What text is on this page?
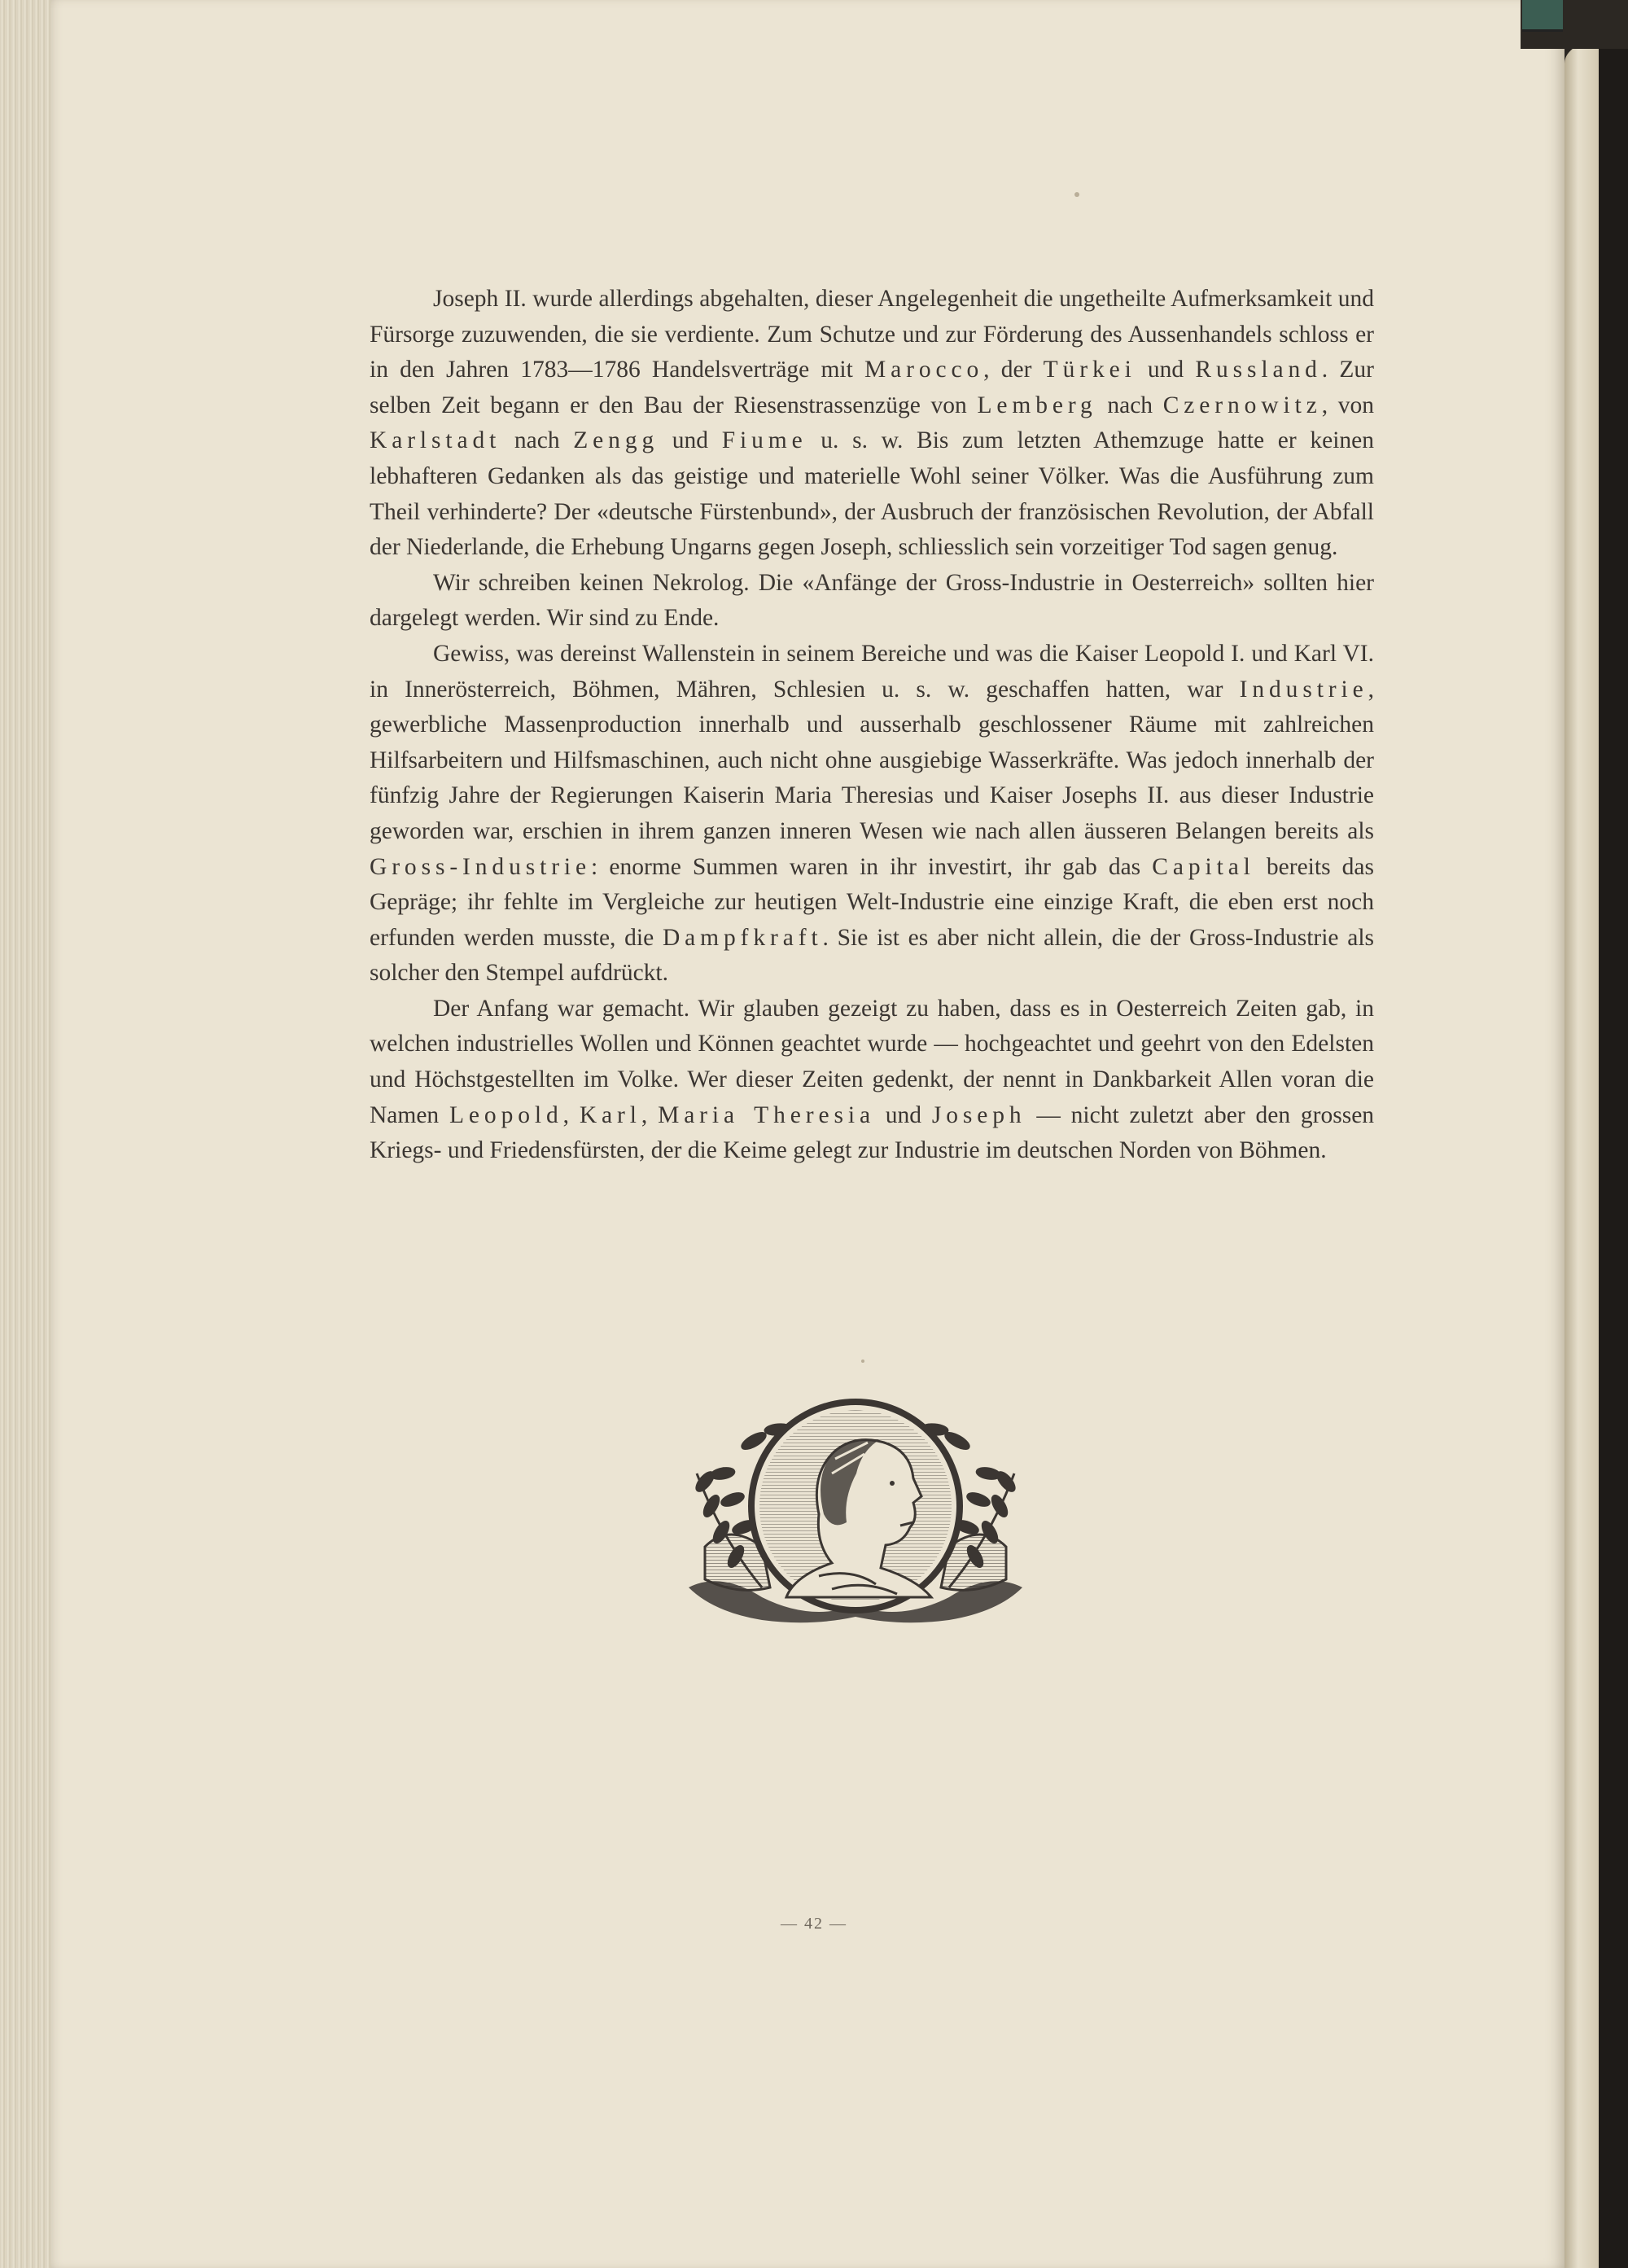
Joseph II. wurde allerdings abgehalten, dieser Angelegenheit die ungetheilte Aufmerksamkeit und Fürsorge zuzuwenden, die sie verdiente. Zum Schutze und zur Förderung des Aussenhandels schloss er in den Jahren 1783—1786 Handelsverträge mit Marocco, der Türkei und Russland. Zur selben Zeit begann er den Bau der Riesenstrassenzüge von Lemberg nach Czernowitz, von Karlstadt nach Zengg und Fiume u. s. w. Bis zum letzten Athemzuge hatte er keinen lebhafteren Gedanken als das geistige und materielle Wohl seiner Völker. Was die Ausführung zum Theil verhinderte? Der «deutsche Fürstenbund», der Ausbruch der französischen Revolution, der Abfall der Niederlande, die Erhebung Ungarns gegen Joseph, schliesslich sein vorzeitiger Tod sagen genug.

Wir schreiben keinen Nekrolog. Die «Anfänge der Gross-Industrie in Oesterreich» sollten hier dargelegt werden. Wir sind zu Ende.

Gewiss, was dereinst Wallenstein in seinem Bereiche und was die Kaiser Leopold I. und Karl VI. in Innerösterreich, Böhmen, Mähren, Schlesien u. s. w. geschaffen hatten, war Industrie, gewerbliche Massenproduction innerhalb und ausserhalb geschlossener Räume mit zahlreichen Hilfsarbeitern und Hilfsmaschinen, auch nicht ohne ausgiebige Wasserkräfte. Was jedoch innerhalb der fünfzig Jahre der Regierungen Kaiserin Maria Theresias und Kaiser Josephs II. aus dieser Industrie geworden war, erschien in ihrem ganzen inneren Wesen wie nach allen äusseren Belangen bereits als Gross-Industrie: enorme Summen waren in ihr investirt, ihr gab das Capital bereits das Gepräge; ihr fehlte im Vergleiche zur heutigen Welt-Industrie eine einzige Kraft, die eben erst noch erfunden werden musste, die Dampfkraft. Sie ist es aber nicht allein, die der Gross-Industrie als solcher den Stempel aufdrückt.

Der Anfang war gemacht. Wir glauben gezeigt zu haben, dass es in Oesterreich Zeiten gab, in welchen industrielles Wollen und Können geachtet wurde — hochgeachtet und geehrt von den Edelsten und Höchstgestellten im Volke. Wer dieser Zeiten gedenkt, der nennt in Dankbarkeit Allen voran die Namen Leopold, Karl, Maria Theresia und Joseph — nicht zuletzt aber den grossen Kriegs- und Friedensfürsten, der die Keime gelegt zur Industrie im deutschen Norden von Böhmen.

— 42 —
